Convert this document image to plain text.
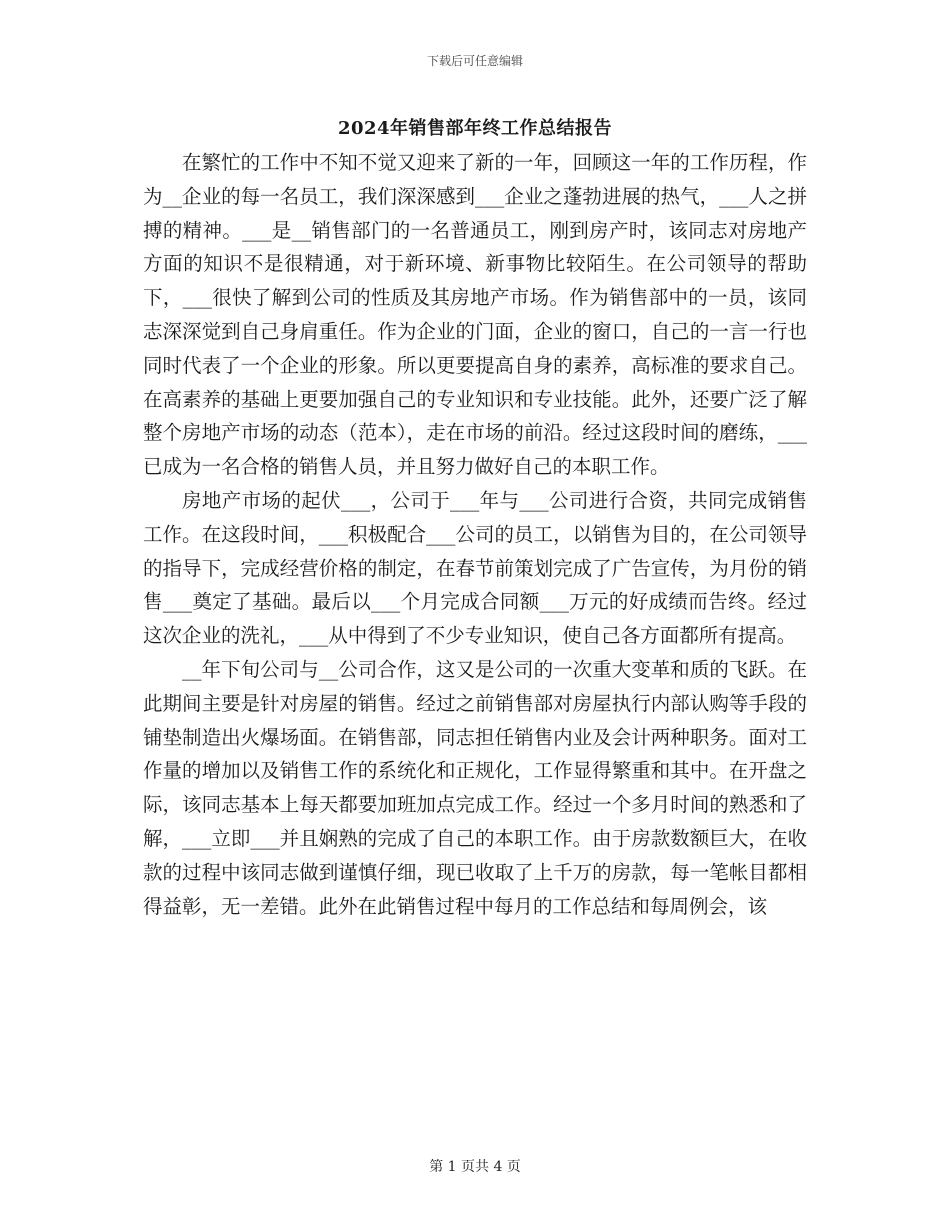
下载后可任意编辑
2024年销售部年终工作总结报告

在繁忙的工作中不知不觉又迎来了新的一年，回顾这一年的工作历程，作为__企业的每一名员工，我们深深感到___企业之蓬勃进展的热气，___人之拼搏的精神。___是__销售部门的一名普通员工，刚到房产时，该同志对房地产方面的知识不是很精通，对于新环境、新事物比较陌生。在公司领导的帮助下，___很快了解到公司的性质及其房地产市场。作为销售部中的一员，该同志深深觉到自己身肩重任。作为企业的门面，企业的窗口，自己的一言一行也同时代表了一个企业的形象。所以更要提高自身的素养，高标准的要求自己。在高素养的基础上更要加强自己的专业知识和专业技能。此外，还要广泛了解整个房地产市场的动态（范本），走在市场的前沿。经过这段时间的磨练，___已成为一名合格的销售人员，并且努力做好自己的本职工作。

房地产市场的起伏___，公司于___年与___公司进行合资，共同完成销售工作。在这段时间，___积极配合___公司的员工，以销售为目的，在公司领导的指导下，完成经营价格的制定，在春节前策划完成了广告宣传，为月份的销售___奠定了基础。最后以___个月完成合同额___万元的好成绩而告终。经过这次企业的洗礼，___从中得到了不少专业知识，使自己各方面都所有提高。

__年下旬公司与__公司合作，这又是公司的一次重大变革和质的飞跃。在此期间主要是针对房屋的销售。经过之前销售部对房屋执行内部认购等手段的铺垫制造出火爆场面。在销售部，同志担任销售内业及会计两种职务。面对工作量的增加以及销售工作的系统化和正规化，工作显得繁重和其中。在开盘之际，该同志基本上每天都要加班加点完成工作。经过一个多月时间的熟悉和了解，___立即___并且娴熟的完成了自己的本职工作。由于房款数额巨大，在收款的过程中该同志做到谨慎仔细，现已收取了上千万的房款，每一笔帐目都相得益彰，无一差错。此外在此销售过程中每月的工作总结和每周例会，该

第 1 页共 4 页
